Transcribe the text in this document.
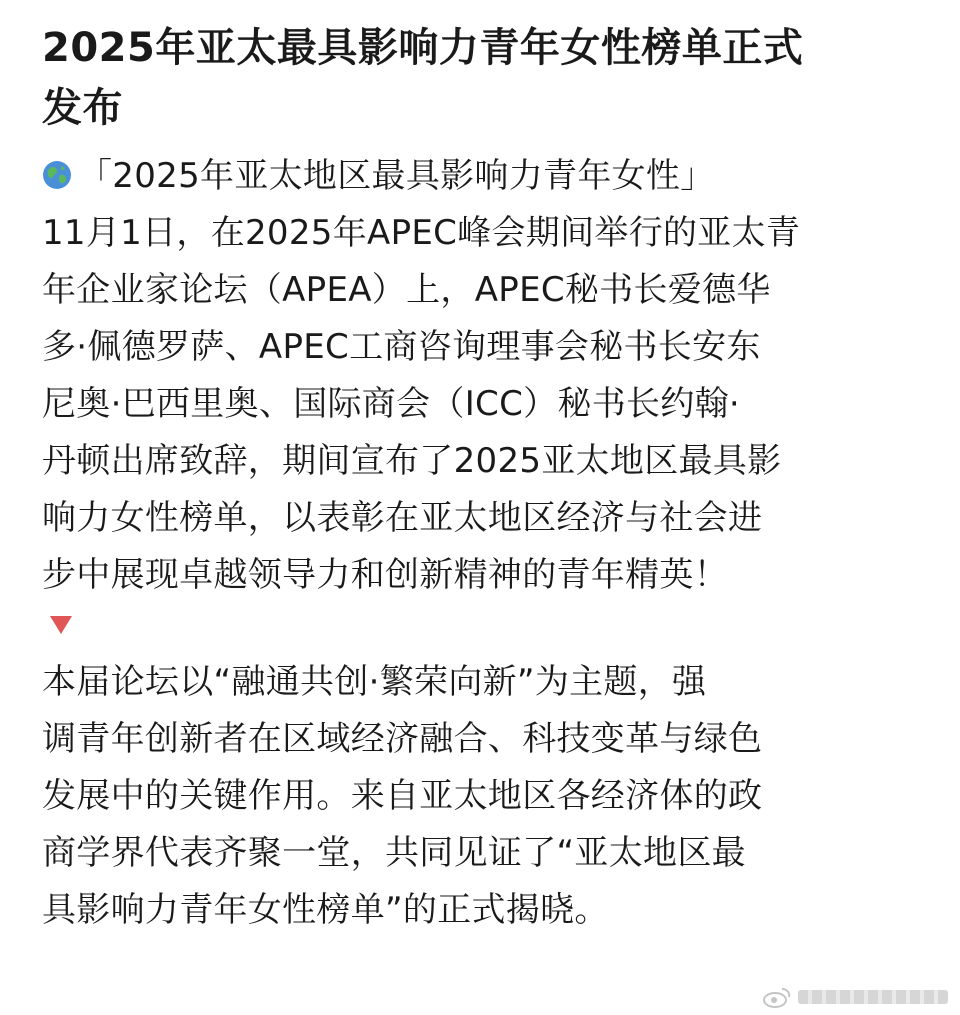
2025年亚太最具影响力青年女性榜单正式
发布
「2025年亚太地区最具影响力青年女性」
11月1日，在2025年APEC峰会期间举行的亚太青
年企业家论坛（APEA）上，APEC秘书长爱德华
多·佩德罗萨、APEC工商咨询理事会秘书长安东
尼奥·巴西里奥、国际商会（ICC）秘书长约翰·
丹顿出席致辞，期间宣布了2025亚太地区最具影
响力女性榜单，以表彰在亚太地区经济与社会进
步中展现卓越领导力和创新精神的青年精英！
本届论坛以“融通共创·繁荣向新”为主题，强
调青年创新者在区域经济融合、科技变革与绿色
发展中的关键作用。来自亚太地区各经济体的政
商学界代表齐聚一堂，共同见证了“亚太地区最
具影响力青年女性榜单”的正式揭晓。
